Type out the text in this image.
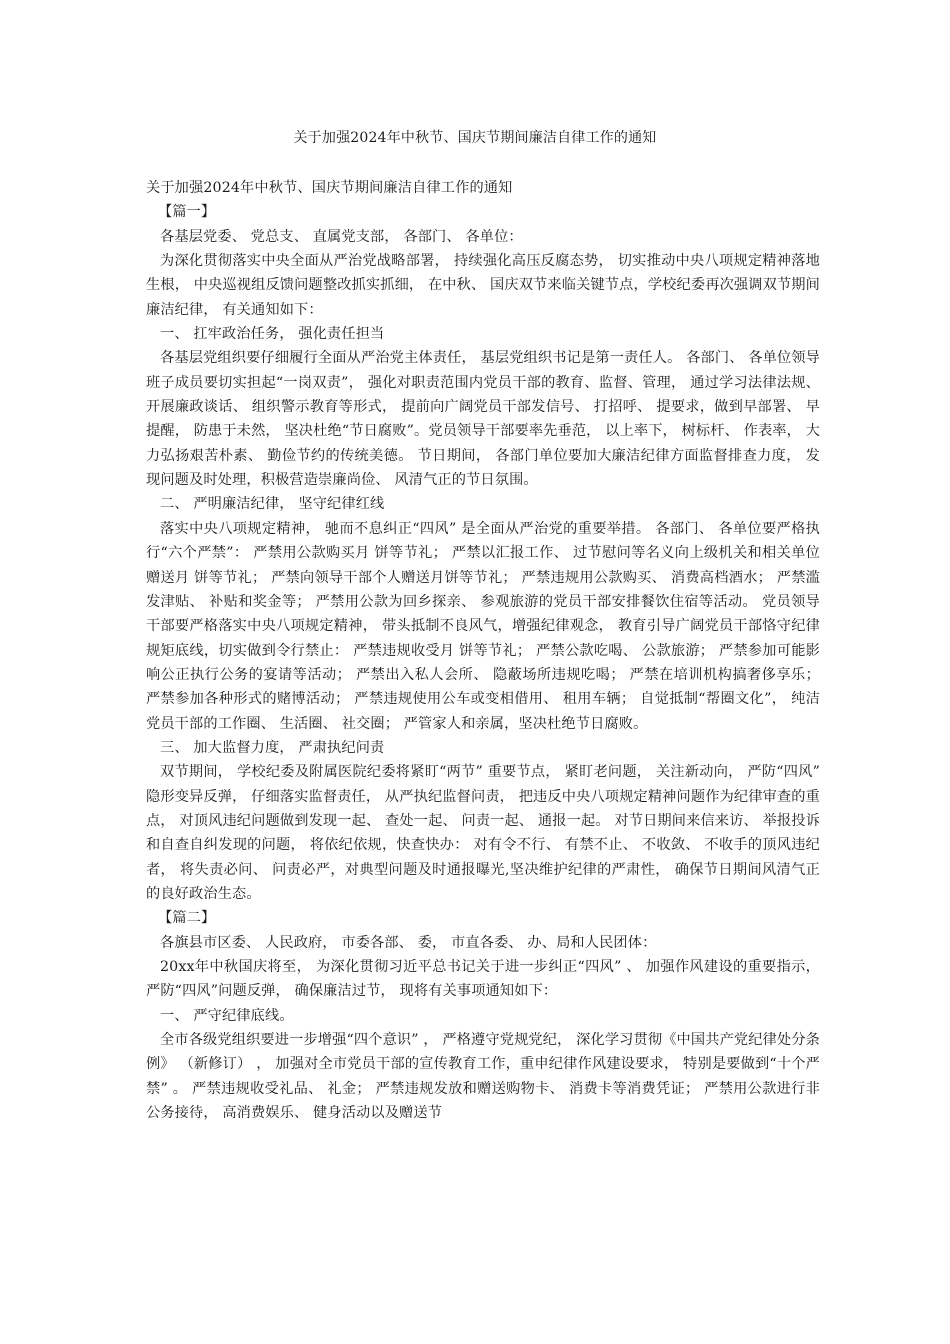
关于加强2024年中秋节、国庆节期间廉洁自律工作的通知

关于加强2024年中秋节、国庆节期间廉洁自律工作的通知

【篇一】

各基层党委、 党总支、 直属党支部， 各部门、 各单位：

为深化贯彻落实中央全面从严治党战略部署， 持续强化高压反腐态势， 切实推动中央八项规定精神落地生根， 中央巡视组反馈问题整改抓实抓细， 在中秋、 国庆双节来临关键节点，学校纪委再次强调双节期间廉洁纪律， 有关通知如下：

一、 扛牢政治任务， 强化责任担当

各基层党组织要仔细履行全面从严治党主体责任， 基层党组织书记是第一责任人。 各部门、 各单位领导班子成员要切实担起“一岗双责”， 强化对职责范围内党员干部的教育、监督、管理， 通过学习法律法规、 开展廉政谈话、 组织警示教育等形式， 提前向广阔党员干部发信号、 打招呼、 提要求，做到早部署、 早提醒， 防患于未然， 坚决杜绝“节日腐败”。党员领导干部要率先垂范， 以上率下， 树标杆、 作表率， 大力弘扬艰苦朴素、 勤俭节约的传统美德。 节日期间， 各部门单位要加大廉洁纪律方面监督排查力度， 发现问题及时处理，积极营造崇廉尚俭、 风清气正的节日氛围。

二、 严明廉洁纪律， 坚守纪律红线

落实中央八项规定精神， 驰而不息纠正“四风” 是全面从严治党的重要举措。 各部门、 各单位要严格执行“六个严禁”： 严禁用公款购买月 饼等节礼； 严禁以汇报工作、 过节慰问等名义向上级机关和相关单位赠送月 饼等节礼； 严禁向领导干部个人赠送月饼等节礼； 严禁违规用公款购买、 消费高档酒水； 严禁滥发津贴、 补贴和奖金等； 严禁用公款为回乡探亲、 参观旅游的党员干部安排餐饮住宿等活动。 党员领导干部要严格落实中央八项规定精神， 带头抵制不良风气，增强纪律观念， 教育引导广阔党员干部恪守纪律规矩底线，切实做到令行禁止： 严禁违规收受月 饼等节礼； 严禁公款吃喝、 公款旅游； 严禁参加可能影响公正执行公务的宴请等活动； 严禁出入私人会所、 隐蔽场所违规吃喝； 严禁在培训机构搞奢侈享乐； 严禁参加各种形式的赌博活动； 严禁违规使用公车或变相借用、 租用车辆； 自觉抵制“帮圈文化”， 纯洁党员干部的工作圈、 生活圈、 社交圈； 严管家人和亲属，坚决杜绝节日腐败。

三、 加大监督力度， 严肃执纪问责

双节期间， 学校纪委及附属医院纪委将紧盯“两节” 重要节点， 紧盯老问题， 关注新动向， 严防“四风” 隐形变异反弹， 仔细落实监督责任， 从严执纪监督问责， 把违反中央八项规定精神问题作为纪律审查的重点， 对顶风违纪问题做到发现一起、 查处一起、 问责一起、 通报一起。 对节日期间来信来访、 举报投诉和自查自纠发现的问题， 将依纪依规，快查快办： 对有令不行、 有禁不止、 不收敛、 不收手的顶风违纪者， 将失责必问、 问责必严，对典型问题及时通报曝光,坚决维护纪律的严肃性， 确保节日期间风清气正的良好政治生态。

【篇二】

各旗县市区委、 人民政府， 市委各部、 委， 市直各委、 办、局和人民团体：

20xx年中秋国庆将至， 为深化贯彻习近平总书记关于进一步纠正“四风” 、 加强作风建设的重要指示， 严防“四风”问题反弹， 确保廉洁过节， 现将有关事项通知如下：

一、 严守纪律底线。

全市各级党组织要进一步增强“四个意识” ， 严格遵守党规党纪， 深化学习贯彻《中国共产党纪律处分条例》 （新修订） ， 加强对全市党员干部的宣传教育工作，重申纪律作风建设要求， 特别是要做到“十个严禁” 。 严禁违规收受礼品、 礼金； 严禁违规发放和赠送购物卡、 消费卡等消费凭证； 严禁用公款进行非公务接待， 高消费娱乐、 健身活动以及赠送节
